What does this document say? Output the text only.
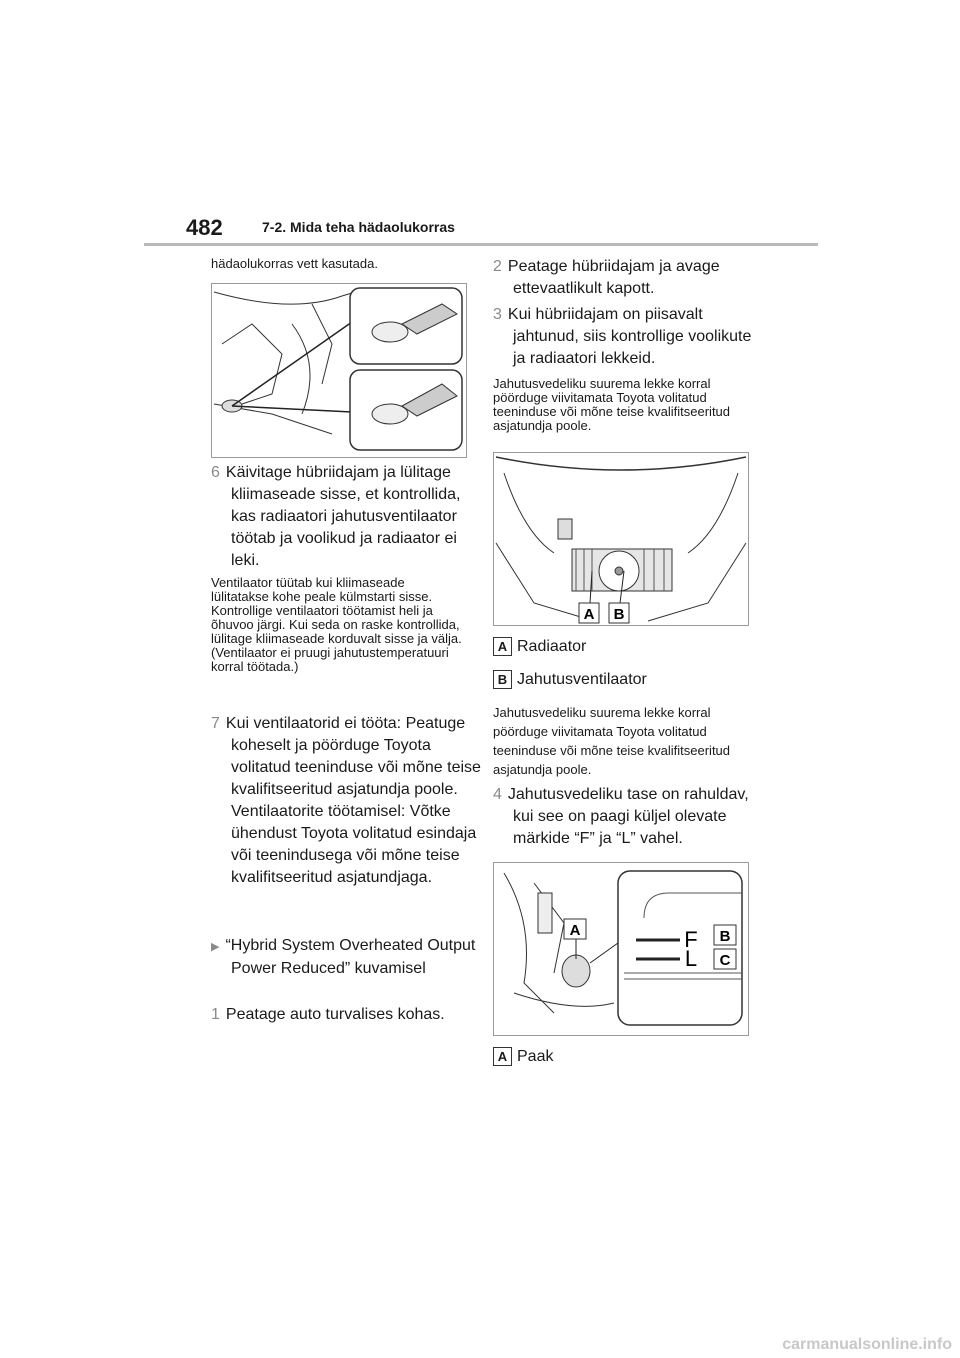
482	7-2. Mida teha hädaolukorras
hädaolukorras vett kasutada.
6 Käivitage hübriidajam ja lülitage kliimaseade sisse, et kontrollida, kas radiaatori jahutusventilaator töötab ja voolikud ja radiaator ei leki.
Ventilaator tüütab kui kliimaseade lülitatakse kohe peale külmstarti sisse. Kontrollige ventilaatori töötamist heli ja õhuvoo järgi. Kui seda on raske kontrollida, lülitage kliimaseade korduvalt sisse ja välja. (Ventilaator ei pruugi jahutustemperatuuri korral töötada.)
7 Kui ventilaatorid ei tööta: Peatuge koheselt ja pöörduge Toyota volitatud teeninduse või mõne teise kvalifitseeritud asjatundja poole. Ventilaatorite töötamisel: Võtke ühendust Toyota volitatud esindaja või teenindusega või mõne teise kvalifitseeritud asjatundjaga.
▶ “Hybrid System Overheated Output Power Reduced” kuvamisel
1 Peatage auto turvalises kohas.
2 Peatage hübriidajam ja avage ettevaatlikult kapott.
3 Kui hübriidajam on piisavalt jahtunud, siis kontrollige voolikute ja radiaatori lekkeid.
Jahutusvedeliku suurema lekke korral pöörduge viivitamata Toyota volitatud teeninduse või mõne teise kvalifitseeritud asjatundja poole.
A B
A Radiaator
B Jahutusventilaator
Jahutusvedeliku suurema lekke korral pöörduge viivitamata Toyota volitatud teeninduse või mõne teise kvalifitseeritud asjatundja poole.
4 Jahutusvedeliku tase on rahuldav, kui see on paagi küljel olevate märkide “F” ja “L” vahel.
A	F
L
B
C
A Paak
carmanualsonline.info
